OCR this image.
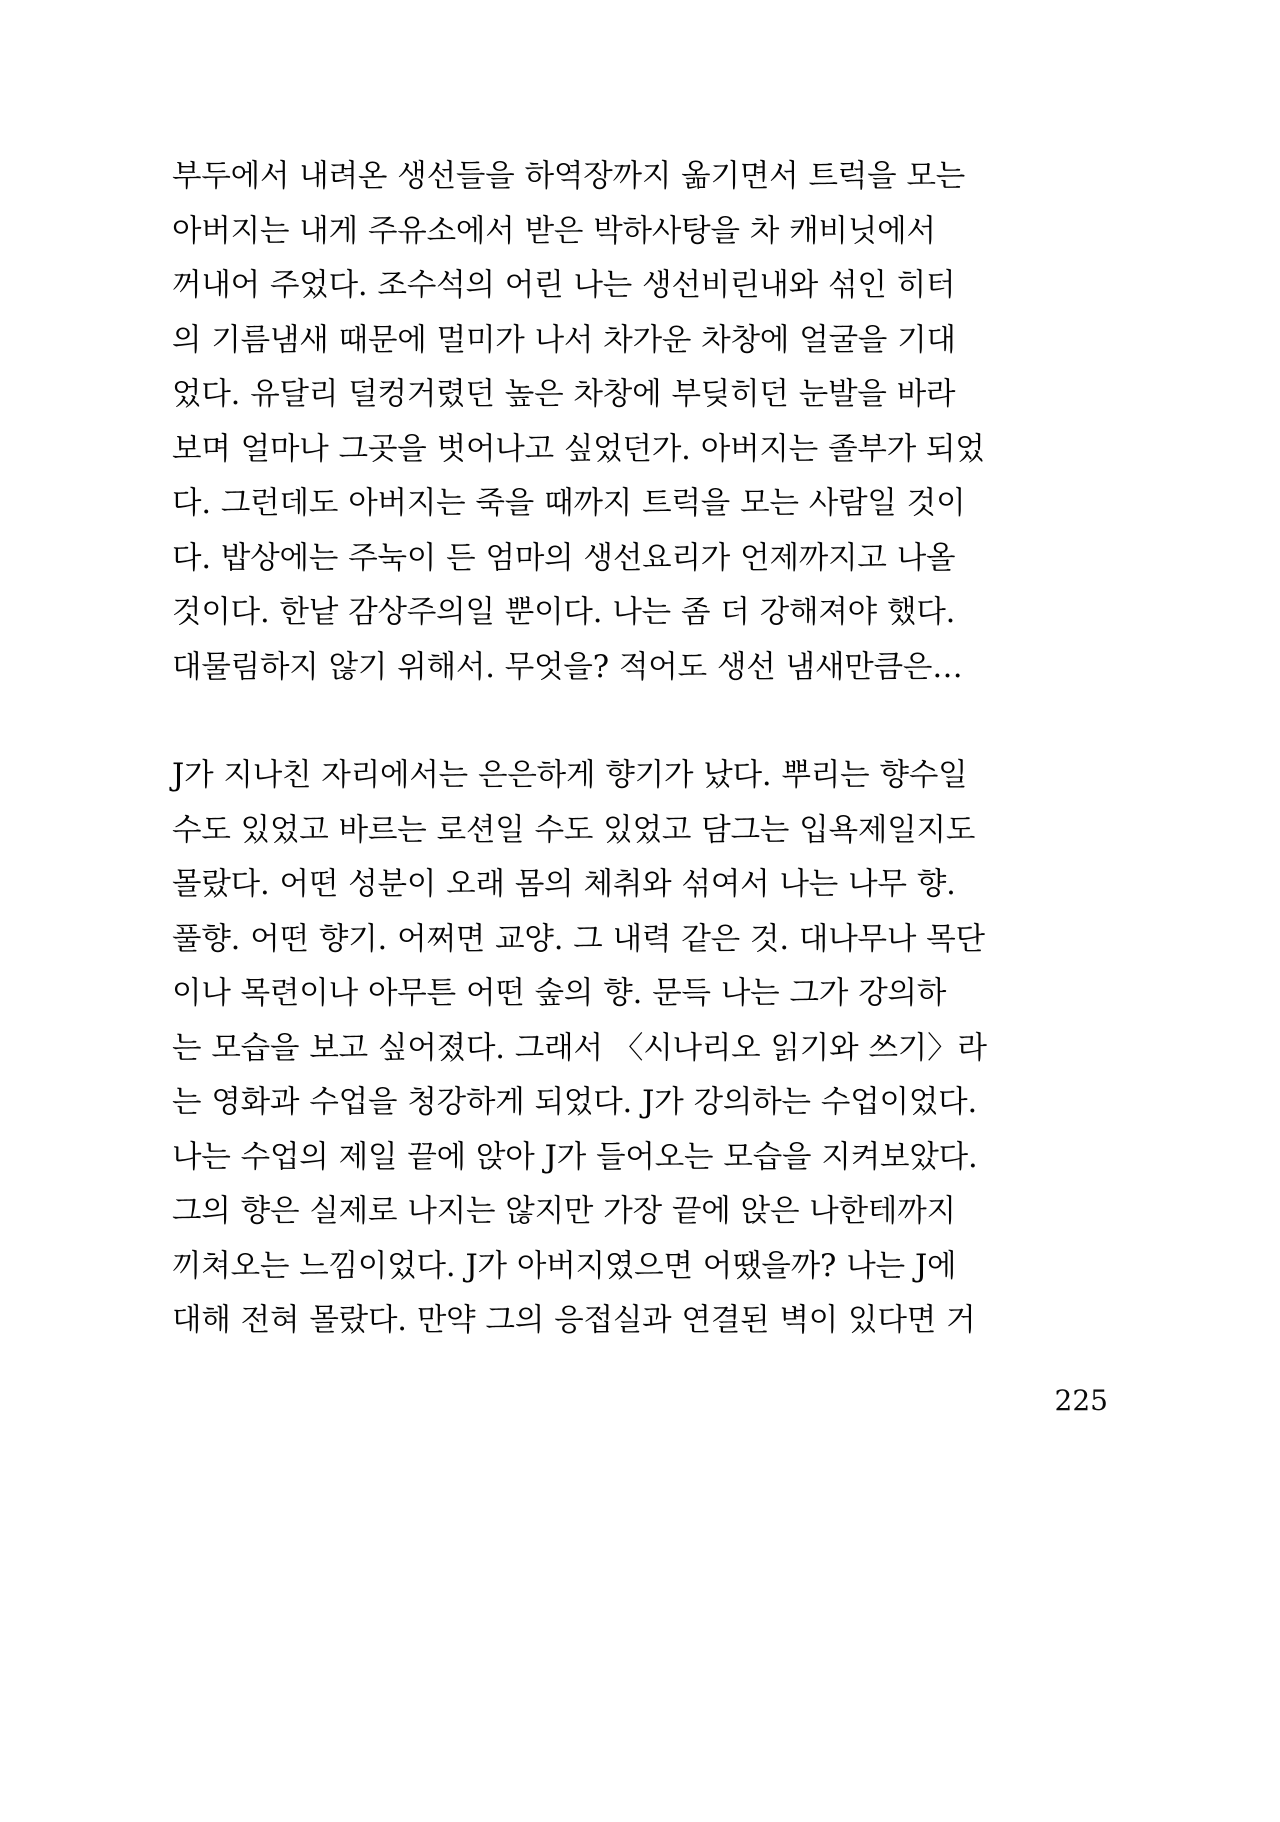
부두에서 내려온 생선들을 하역장까지 옮기면서 트럭을 모는
아버지는 내게 주유소에서 받은 박하사탕을 차 캐비닛에서
꺼내어 주었다. 조수석의 어린 나는 생선비린내와 섞인 히터
의 기름냄새 때문에 멀미가 나서 차가운 차창에 얼굴을 기대
었다. 유달리 덜컹거렸던 높은 차창에 부딪히던 눈발을 바라
보며 얼마나 그곳을 벗어나고 싶었던가. 아버지는 졸부가 되었
다. 그런데도 아버지는 죽을 때까지 트럭을 모는 사람일 것이
다. 밥상에는 주눅이 든 엄마의 생선요리가 언제까지고 나올
것이다. 한낱 감상주의일 뿐이다. 나는 좀 더 강해져야 했다.
대물림하지 않기 위해서. 무엇을? 적어도 생선 냄새만큼은…

J가 지나친 자리에서는 은은하게 향기가 났다. 뿌리는 향수일
수도 있었고 바르는 로션일 수도 있었고 담그는 입욕제일지도
몰랐다. 어떤 성분이 오래 몸의 체취와 섞여서 나는 나무 향.
풀향. 어떤 향기. 어쩌면 교양. 그 내력 같은 것. 대나무나 목단
이나 목련이나 아무튼 어떤 숲의 향. 문득 나는 그가 강의하
는 모습을 보고 싶어졌다. 그래서 〈시나리오 읽기와 쓰기〉라
는 영화과 수업을 청강하게 되었다. J가 강의하는 수업이었다.
나는 수업의 제일 끝에 앉아 J가 들어오는 모습을 지켜보았다.
그의 향은 실제로 나지는 않지만 가장 끝에 앉은 나한테까지
끼쳐오는 느낌이었다. J가 아버지였으면 어땠을까? 나는 J에
대해 전혀 몰랐다. 만약 그의 응접실과 연결된 벽이 있다면 거

225
